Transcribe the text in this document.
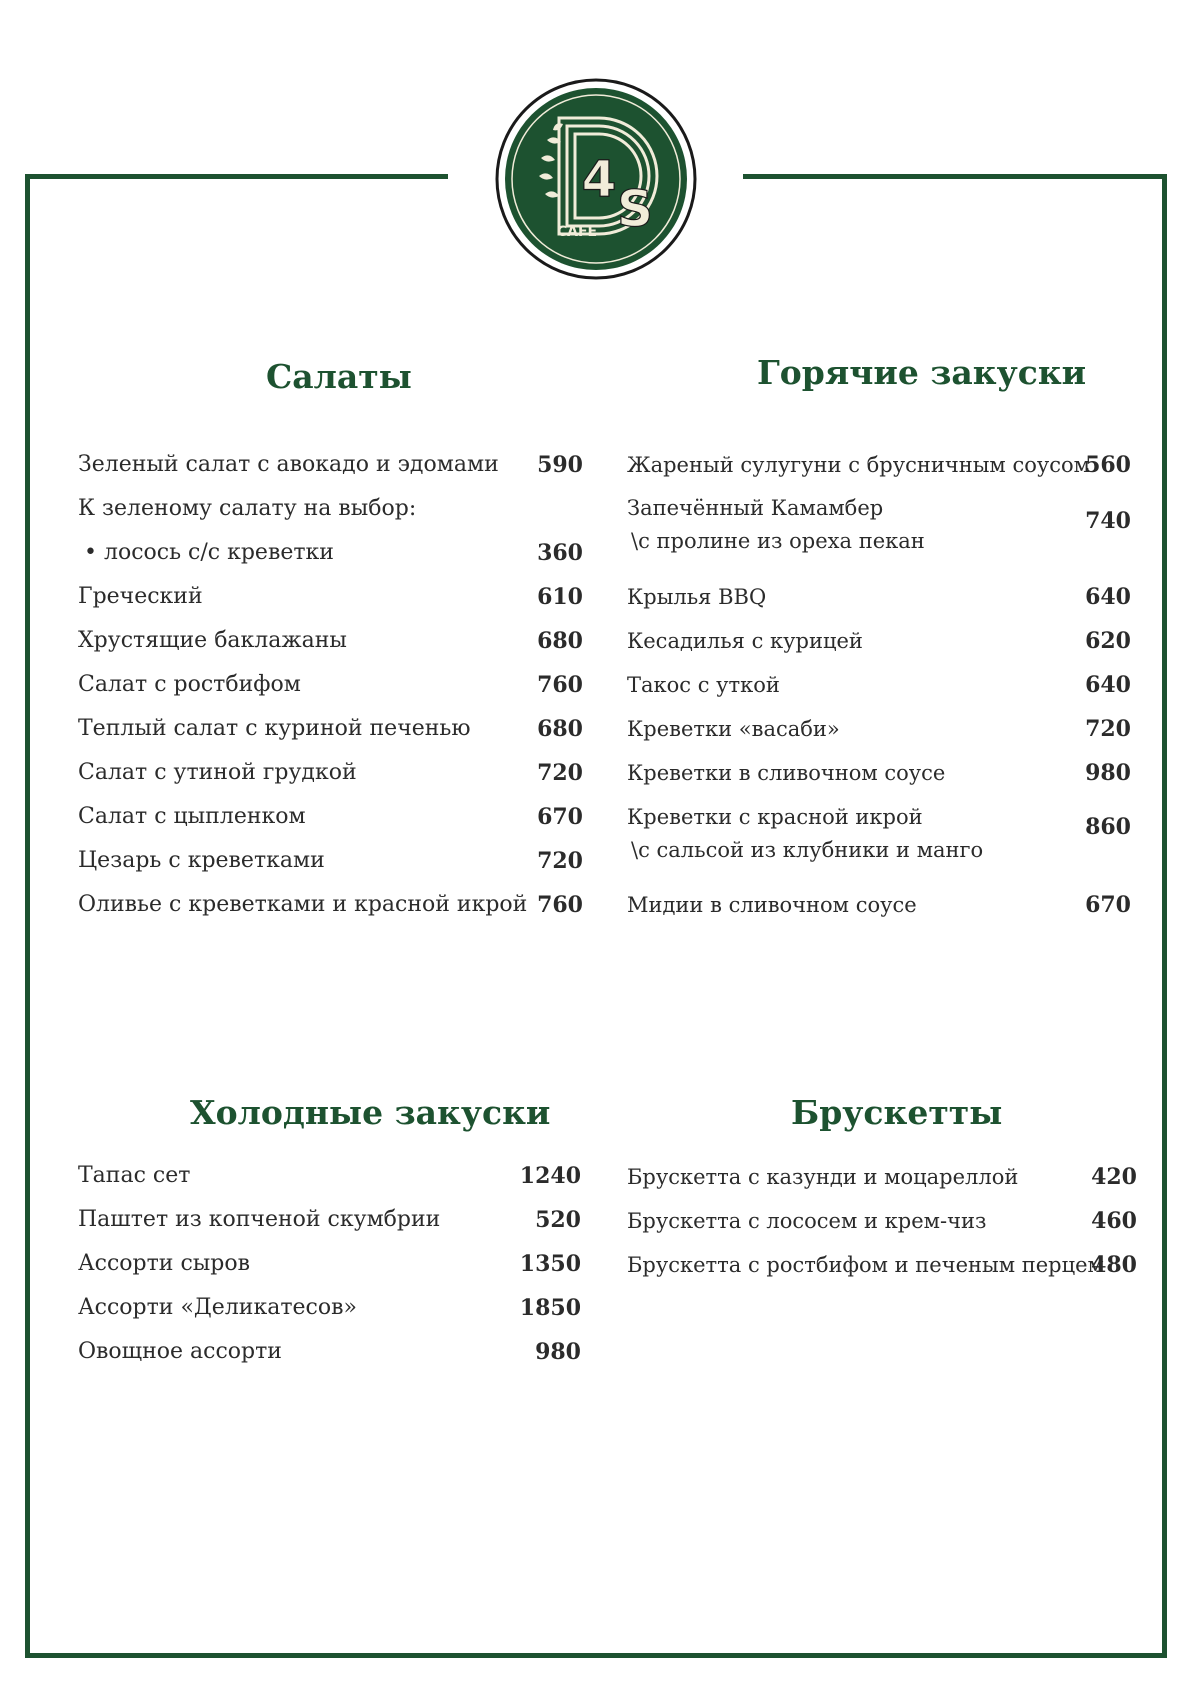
4
S
CAFE
Салаты	Горячие закуски
Холодные закуски	Брускетты
Зеленый салат с авокадо и эдомами 590
К зеленому салату на выбор:
• лосось с/с креветки	360
Греческий	610
Хрустящие баклажаны	680
Салат с ростбифом	760
Теплый салат с куриной печенью	680
Салат с утиной грудкой	720
Салат с цыпленком	670
Цезарь с креветками	720
Оливье с креветками и красной икрой 760
Жареный сулугуни с брусничным соусом
560
Запечённый Камамбер
\с пролине из ореха пекан
740
Крылья BBQ	640
Кесадилья с курицей	620
Такос с уткой	640
Креветки «васаби»	720
Креветки в сливочном соусе	980
Креветки с красной икрой
\с сальсой из клубники и манго
860
Мидии в сливочном соусе	670
Тапас сет	1240
Паштет из копченой скумбрии	520
Ассорти сыров	1350
Ассорти «Деликатесов»	1850
Овощное ассорти	980
Брускетта с казунди и моцареллой	420
Брускетта с лососем и крем-чиз	460
Брускетта с ростбифом и печеным перцем
480
